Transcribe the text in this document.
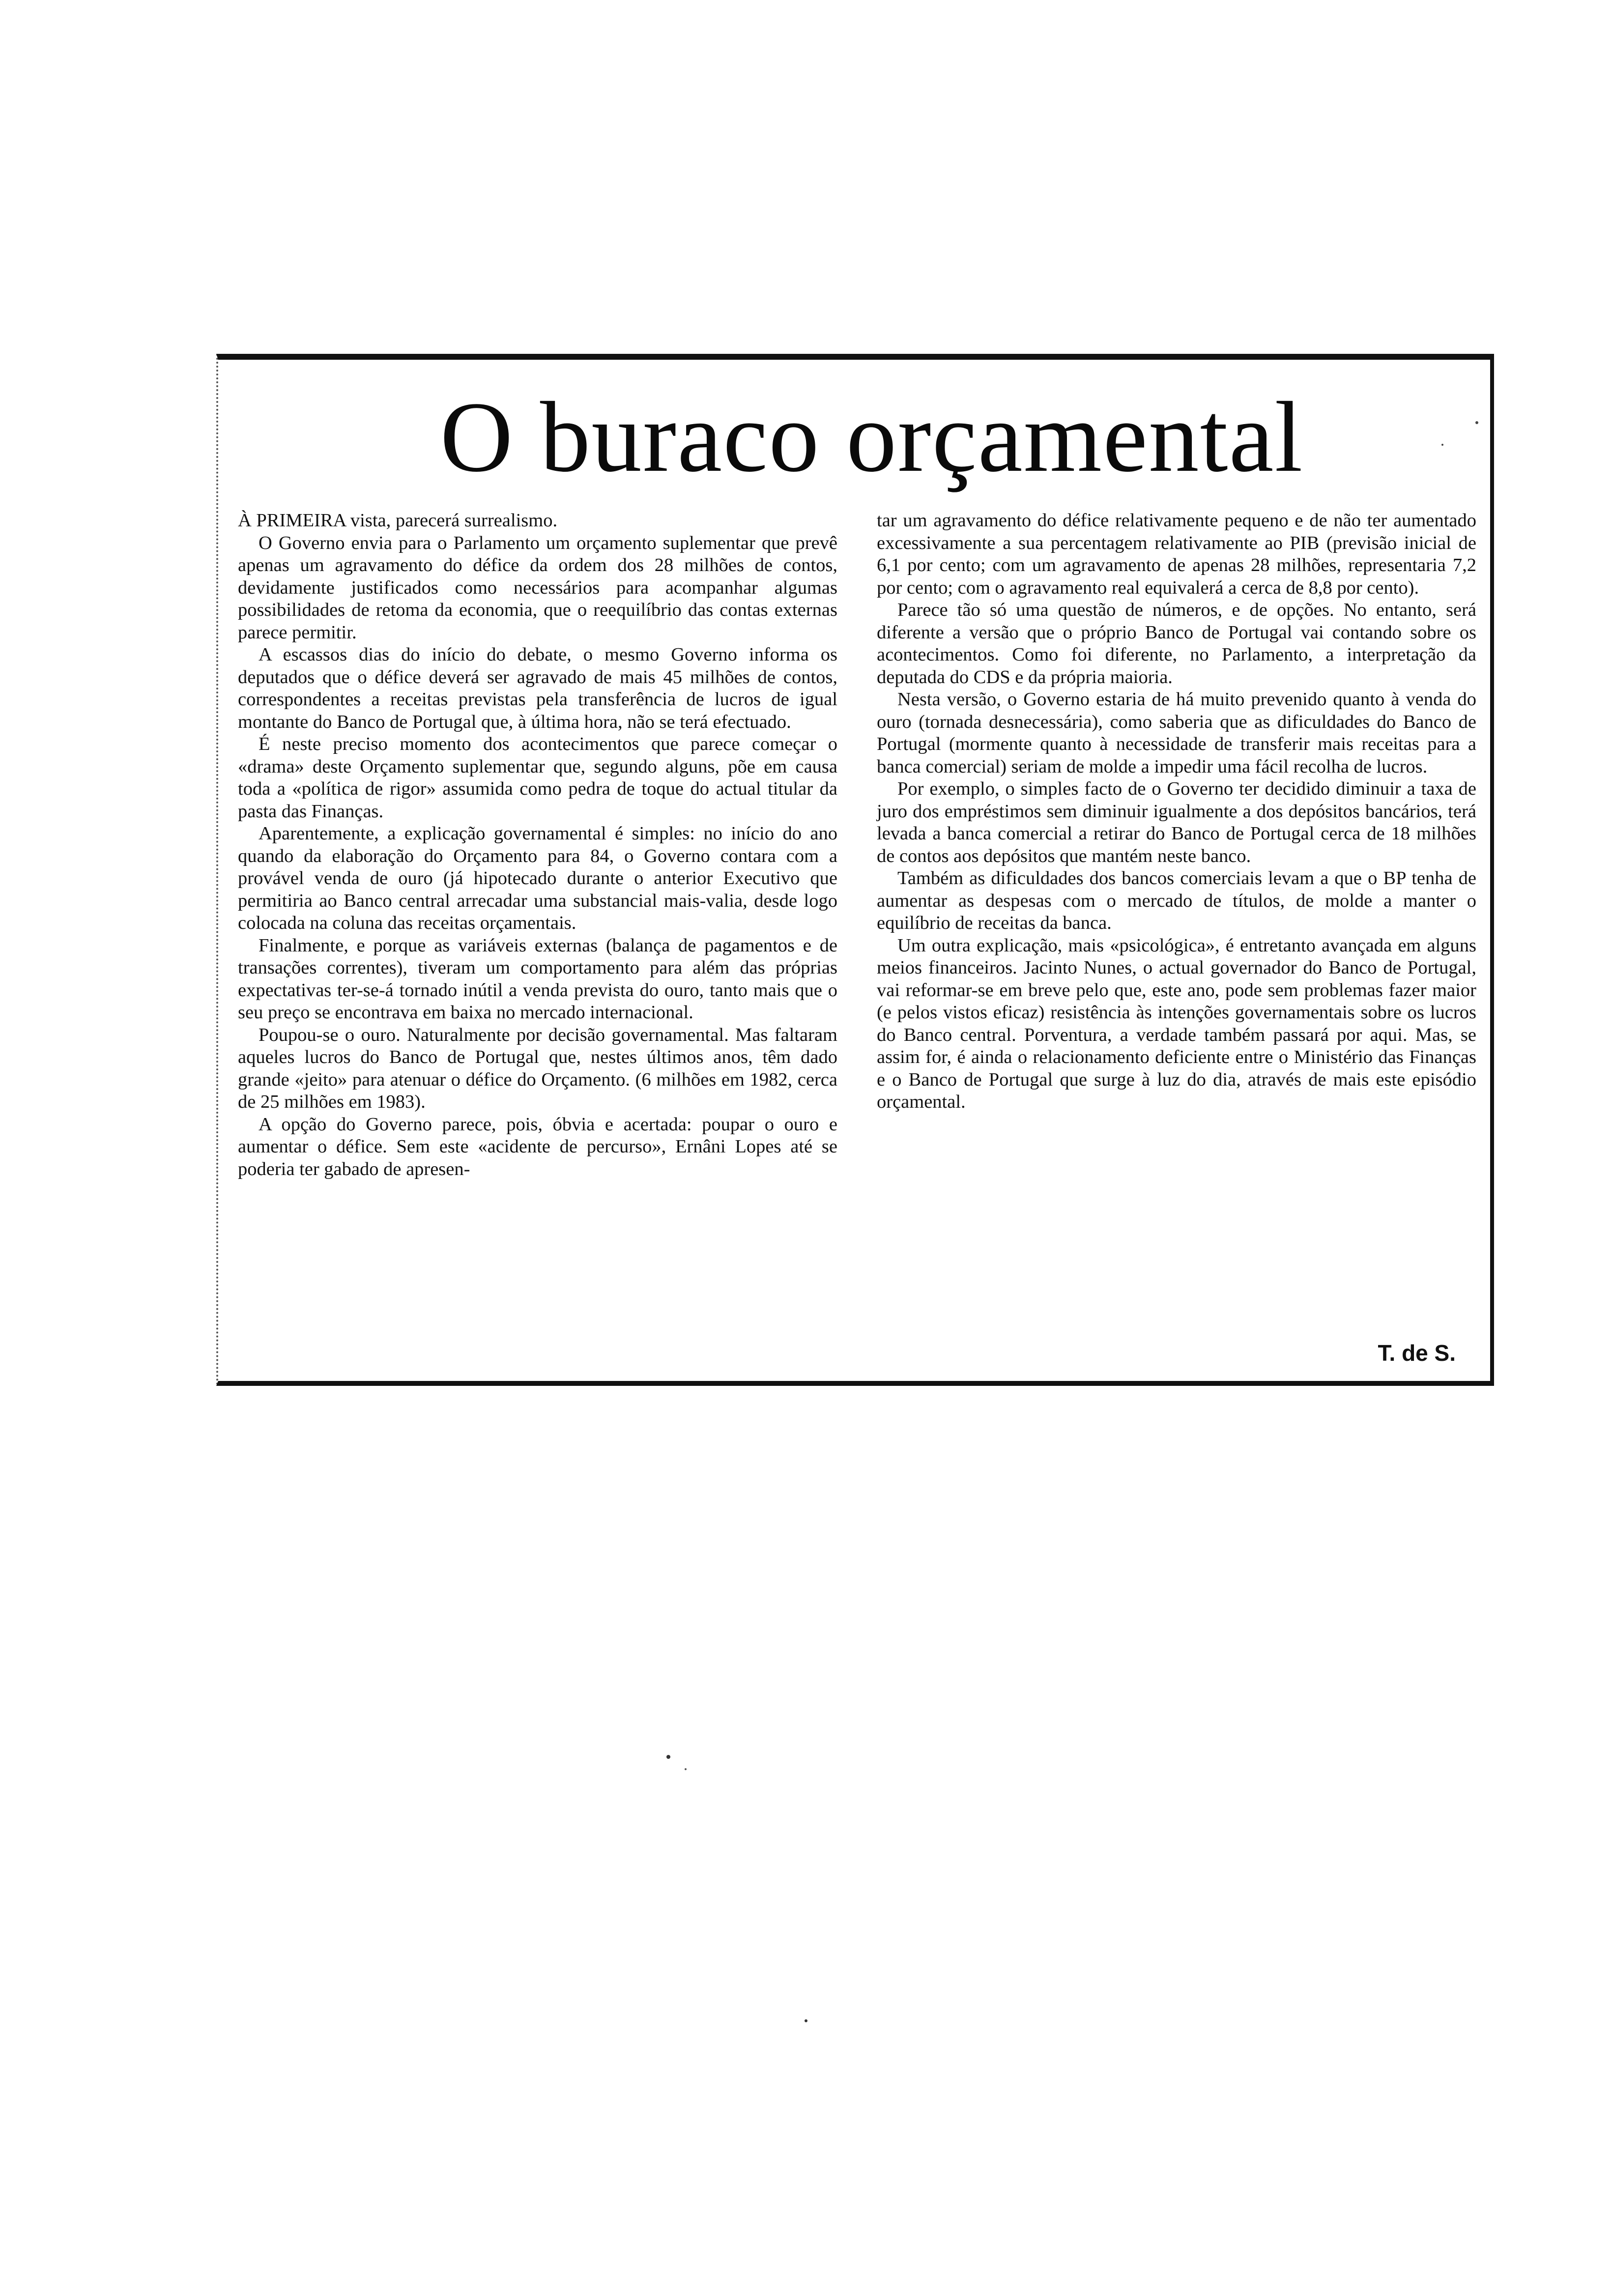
O buraco orçamental

À PRIMEIRA vista, parecerá surrealismo.

O Governo envia para o Parlamento um orçamento suplementar que prevê apenas um agravamento do défice da ordem dos 28 milhões de contos, devidamente justificados como necessários para acompanhar algumas possibilidades de retoma da economia, que o reequilíbrio das contas externas parece permitir.

A escassos dias do início do debate, o mesmo Governo informa os deputados que o défice deverá ser agravado de mais 45 milhões de contos, correspondentes a receitas previstas pela transferência de lucros de igual montante do Banco de Portugal que, à última hora, não se terá efectuado.

É neste preciso momento dos acontecimentos que parece começar o «drama» deste Orçamento suplementar que, segundo alguns, põe em causa toda a «política de rigor» assumida como pedra de toque do actual titular da pasta das Finanças.

Aparentemente, a explicação governamental é simples: no início do ano quando da elaboração do Orçamento para 84, o Governo contara com a provável venda de ouro (já hipotecado durante o anterior Executivo que permitiria ao Banco central arrecadar uma substancial mais-valia, desde logo colocada na coluna das receitas orçamentais.

Finalmente, e porque as variáveis externas (balança de pagamentos e de transações correntes), tiveram um comportamento para além das próprias expectativas ter-se-á tornado inútil a venda prevista do ouro, tanto mais que o seu preço se encontrava em baixa no mercado internacional.

Poupou-se o ouro. Naturalmente por decisão governamental. Mas faltaram aqueles lucros do Banco de Portugal que, nestes últimos anos, têm dado grande «jeito» para atenuar o défice do Orçamento. (6 milhões em 1982, cerca de 25 milhões em 1983).

A opção do Governo parece, pois, óbvia e acertada: poupar o ouro e aumentar o défice. Sem este «acidente de percurso», Ernâni Lopes até se poderia ter gabado de apresen-

tar um agravamento do défice relativamente pequeno e de não ter aumentado excessivamente a sua percentagem relativamente ao PIB (previsão inicial de 6,1 por cento; com um agravamento de apenas 28 milhões, representaria 7,2 por cento; com o agravamento real equivalerá a cerca de 8,8 por cento).

Parece tão só uma questão de números, e de opções. No entanto, será diferente a versão que o próprio Banco de Portugal vai contando sobre os acontecimentos. Como foi diferente, no Parlamento, a interpretação da deputada do CDS e da própria maioria.

Nesta versão, o Governo estaria de há muito prevenido quanto à venda do ouro (tornada desnecessária), como saberia que as dificuldades do Banco de Portugal (mormente quanto à necessidade de transferir mais receitas para a banca comercial) seriam de molde a impedir uma fácil recolha de lucros.

Por exemplo, o simples facto de o Governo ter decidido diminuir a taxa de juro dos empréstimos sem diminuir igualmente a dos depósitos bancários, terá levada a banca comercial a retirar do Banco de Portugal cerca de 18 milhões de contos aos depósitos que mantém neste banco.

Também as dificuldades dos bancos comerciais levam a que o BP tenha de aumentar as despesas com o mercado de títulos, de molde a manter o equilíbrio de receitas da banca.

Um outra explicação, mais «psicológica», é entretanto avançada em alguns meios financeiros. Jacinto Nunes, o actual governador do Banco de Portugal, vai reformar-se em breve pelo que, este ano, pode sem problemas fazer maior (e pelos vistos eficaz) resistência às intenções governamentais sobre os lucros do Banco central. Porventura, a verdade também passará por aqui. Mas, se assim for, é ainda o relacionamento deficiente entre o Ministério das Finanças e o Banco de Portugal que surge à luz do dia, através de mais este episódio orçamental.

T. de S.
